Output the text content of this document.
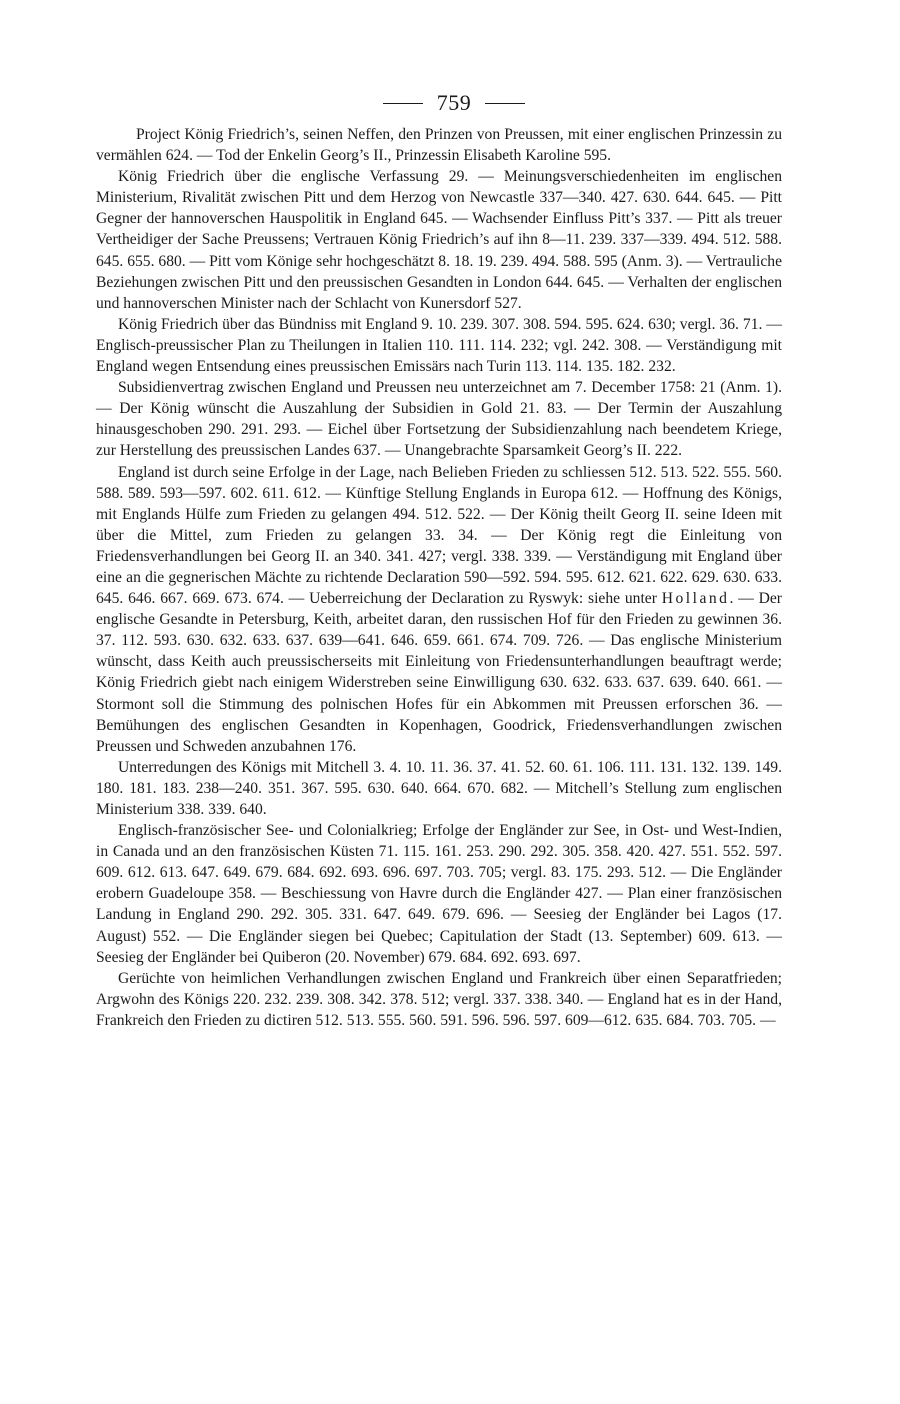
759

Project König Friedrich’s, seinen Neffen, den Prinzen von Preussen, mit einer englischen Prinzessin zu vermählen 624. — Tod der Enkelin Georg’s II., Prinzessin Elisabeth Karoline 595.

König Friedrich über die englische Verfassung 29. — Meinungsverschiedenheiten im englischen Ministerium, Rivalität zwischen Pitt und dem Herzog von Newcastle 337—340. 427. 630. 644. 645. — Pitt Gegner der hannoverschen Hauspolitik in England 645. — Wachsender Einfluss Pitt’s 337. — Pitt als treuer Vertheidiger der Sache Preussens; Vertrauen König Friedrich’s auf ihn 8—11. 239. 337—339. 494. 512. 588. 645. 655. 680. — Pitt vom Könige sehr hochgeschätzt 8. 18. 19. 239. 494. 588. 595 (Anm. 3). — Vertrauliche Beziehungen zwischen Pitt und den preussischen Gesandten in London 644. 645. — Verhalten der englischen und hannoverschen Minister nach der Schlacht von Kunersdorf 527.

König Friedrich über das Bündniss mit England 9. 10. 239. 307. 308. 594. 595. 624. 630; vergl. 36. 71. — Englisch-preussischer Plan zu Theilungen in Italien 110. 111. 114. 232; vgl. 242. 308. — Verständigung mit England wegen Entsendung eines preussischen Emissärs nach Turin 113. 114. 135. 182. 232.

Subsidienvertrag zwischen England und Preussen neu unterzeichnet am 7. December 1758: 21 (Anm. 1). — Der König wünscht die Auszahlung der Subsidien in Gold 21. 83. — Der Termin der Auszahlung hinausgeschoben 290. 291. 293. — Eichel über Fortsetzung der Subsidienzahlung nach beendetem Kriege, zur Herstellung des preussischen Landes 637. — Unangebrachte Sparsamkeit Georg’s II. 222.

England ist durch seine Erfolge in der Lage, nach Belieben Frieden zu schliessen 512. 513. 522. 555. 560. 588. 589. 593—597. 602. 611. 612. — Künftige Stellung Englands in Europa 612. — Hoffnung des Königs, mit Englands Hülfe zum Frieden zu gelangen 494. 512. 522. — Der König theilt Georg II. seine Ideen mit über die Mittel, zum Frieden zu gelangen 33. 34. — Der König regt die Einleitung von Friedensverhandlungen bei Georg II. an 340. 341. 427; vergl. 338. 339. — Verständigung mit England über eine an die gegnerischen Mächte zu richtende Declaration 590—592. 594. 595. 612. 621. 622. 629. 630. 633. 645. 646. 667. 669. 673. 674. — Ueberreichung der Declaration zu Ryswyk: siehe unter Holland. — Der englische Gesandte in Petersburg, Keith, arbeitet daran, den russischen Hof für den Frieden zu gewinnen 36. 37. 112. 593. 630. 632. 633. 637. 639—641. 646. 659. 661. 674. 709. 726. — Das englische Ministerium wünscht, dass Keith auch preussischerseits mit Einleitung von Friedensunterhandlungen beauftragt werde; König Friedrich giebt nach einigem Widerstreben seine Einwilligung 630. 632. 633. 637. 639. 640. 661. — Stormont soll die Stimmung des polnischen Hofes für ein Abkommen mit Preussen erforschen 36. — Bemühungen des englischen Gesandten in Kopenhagen, Goodrick, Friedensverhandlungen zwischen Preussen und Schweden anzubahnen 176.

Unterredungen des Königs mit Mitchell 3. 4. 10. 11. 36. 37. 41. 52. 60. 61. 106. 111. 131. 132. 139. 149. 180. 181. 183. 238—240. 351. 367. 595. 630. 640. 664. 670. 682. — Mitchell’s Stellung zum englischen Ministerium 338. 339. 640.

Englisch-französischer See- und Colonialkrieg; Erfolge der Engländer zur See, in Ost- und West-Indien, in Canada und an den französischen Küsten 71. 115. 161. 253. 290. 292. 305. 358. 420. 427. 551. 552. 597. 609. 612. 613. 647. 649. 679. 684. 692. 693. 696. 697. 703. 705; vergl. 83. 175. 293. 512. — Die Engländer erobern Guadeloupe 358. — Beschiessung von Havre durch die Engländer 427. — Plan einer französischen Landung in England 290. 292. 305. 331. 647. 649. 679. 696. — Seesieg der Engländer bei Lagos (17. August) 552. — Die Engländer siegen bei Quebec; Capitulation der Stadt (13. September) 609. 613. — Seesieg der Engländer bei Quiberon (20. November) 679. 684. 692. 693. 697.

Gerüchte von heimlichen Verhandlungen zwischen England und Frankreich über einen Separatfrieden; Argwohn des Königs 220. 232. 239. 308. 342. 378. 512; vergl. 337. 338. 340. — England hat es in der Hand, Frankreich den Frieden zu dictiren 512. 513. 555. 560. 591. 596. 596. 597. 609—612. 635. 684. 703. 705. —
